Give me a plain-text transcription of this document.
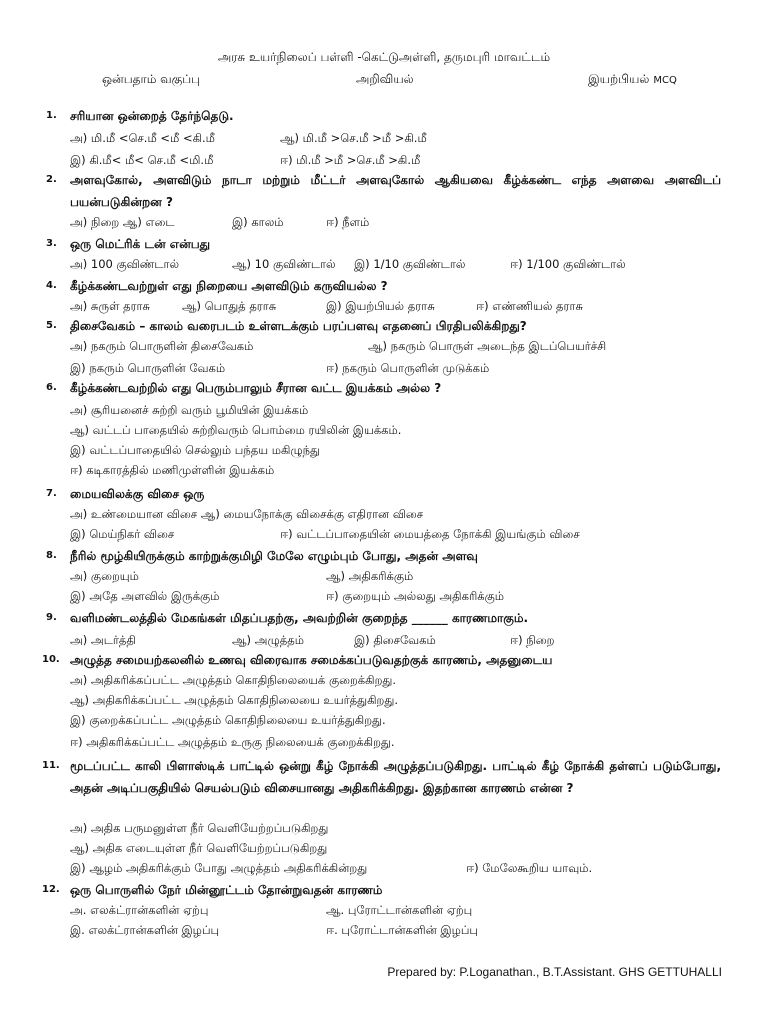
அரசு உயர்நிலைப் பள்ளி -கெட்டுஅள்ளி, தருமபுரி மாவட்டம்
ஒன்பதாம் வகுப்பு	அறிவியல்	இயற்பியல் MCQ
1. சரியான ஒன்றைத் தேர்ந்தெடு.
அ) மி.மீ <செ.மீ <மீ <கி.மீ	ஆ) மி.மீ >செ.மீ >மீ >கி.மீ
இ) கி.மீ< மீ< செ.மீ <மி.மீ	ஈ) மி.மீ >மீ >செ.மீ >கி.மீ
2. அளவுகோல், அளவிடும் நாடா மற்றும் மீட்டர் அளவுகோல் ஆகியவை கீழ்க்கண்ட எந்த அளவை அளவிடப் பயன்படுகின்றன ?
அ) நிறை ஆ) எடை	இ) காலம்	ஈ) நீளம்
3. ஒரு மெட்ரிக் டன் என்பது
அ) 100 குவிண்டால்	ஆ) 10 குவிண்டால் இ) 1/10 குவிண்டால்	ஈ) 1/100 குவிண்டால்
4. கீழ்க்கண்டவற்றுள் எது நிறையை அளவிடும் கருவியல்ல ?
அ) சுருள் தராசு	ஆ) பொதுத் தராசு	இ) இயற்பியல் தராசு	ஈ) எண்ணியல் தராசு
5. திசைவேகம் – காலம் வரைபடம் உள்ளடக்கும் பரப்பளவு எதனைப் பிரதிபலிக்கிறது?
அ) நகரும் பொருளின் திசைவேகம்	ஆ) நகரும் பொருள் அடைந்த இடப்பெயர்ச்சி
இ) நகரும் பொருளின் வேகம்	ஈ) நகரும் பொருளின் முடுக்கம்
6. கீழ்க்கண்டவற்றில் எது பெரும்பாலும் சீரான வட்ட இயக்கம் அல்ல ?
அ) சூரியனைச் சுற்றி வரும் பூமியின் இயக்கம்
ஆ) வட்டப் பாதையில் சுற்றிவரும் பொம்மை ரயிலின் இயக்கம்.
இ) வட்டப்பாதையில் செல்லும் பந்தய மகிழுந்து
ஈ) கடிகாரத்தில் மணிமுள்ளின் இயக்கம்
7. மையவிலக்கு விசை ஒரு
அ) உண்மையான விசை ஆ) மையநோக்கு விசைக்கு எதிரான விசை
இ) மெய்நிகர் விசை	ஈ) வட்டப்பாதையின் மையத்தை நோக்கி இயங்கும் விசை
8. நீரில் மூழ்கியிருக்கும் காற்றுக்குமிழி மேலே எழும்பும் போது, அதன் அளவு
அ) குறையும்	ஆ) அதிகரிக்கும்
இ) அதே அளவில் இருக்கும்	ஈ) குறையும் அல்லது அதிகரிக்கும்
9. வளிமண்டலத்தில் மேகங்கள் மிதப்பதற்கு, அவற்றின் குறைந்த ______ காரணமாகும்.
அ) அடர்த்தி	ஆ) அழுத்தம்	இ) திசைவேகம்	ஈ) நிறை
10. அழுத்த சமையற்கலனில் உணவு விரைவாக சமைக்கப்படுவதற்குக் காரணம், அதனுடைய
அ) அதிகரிக்கப்பட்ட அழுத்தம் கொதிநிலையைக் குறைக்கிறது.
ஆ) அதிகரிக்கப்பட்ட அழுத்தம் கொதிநிலையை உயர்த்துகிறது.
இ) குறைக்கப்பட்ட அழுத்தம் கொதிநிலையை உயர்த்துகிறது.
ஈ) அதிகரிக்கப்பட்ட அழுத்தம் உருகு நிலையைக் குறைக்கிறது.
11. மூடப்பட்ட காலி பிளாஸ்டிக் பாட்டில் ஒன்று கீழ் நோக்கி அழுத்தப்படுகிறது. பாட்டில் கீழ் நோக்கி தள்ளப் படும்போது, அதன் அடிப்பகுதியில் செயல்படும் விசையானது அதிகரிக்கிறது. இதற்கான காரணம் என்ன ?
அ) அதிக பருமனுள்ள நீர் வெளியேற்றப்படுகிறது
ஆ) அதிக எடையுள்ள நீர் வெளியேற்றப்படுகிறது
இ) ஆழம் அதிகரிக்கும் போது அழுத்தம் அதிகரிக்கின்றது	ஈ) மேலேகூறிய யாவும்.
12. ஒரு பொருளில் நேர் மின்னூட்டம் தோன்றுவதன் காரணம்
அ. எலக்ட்ரான்களின் ஏற்பு	ஆ. புரோட்டான்களின் ஏற்பு
இ. எலக்ட்ரான்களின் இழப்பு	ஈ. புரோட்டான்களின் இழப்பு
Prepared by: P.Loganathan., B.T.Assistant. GHS GETTUHALLI
